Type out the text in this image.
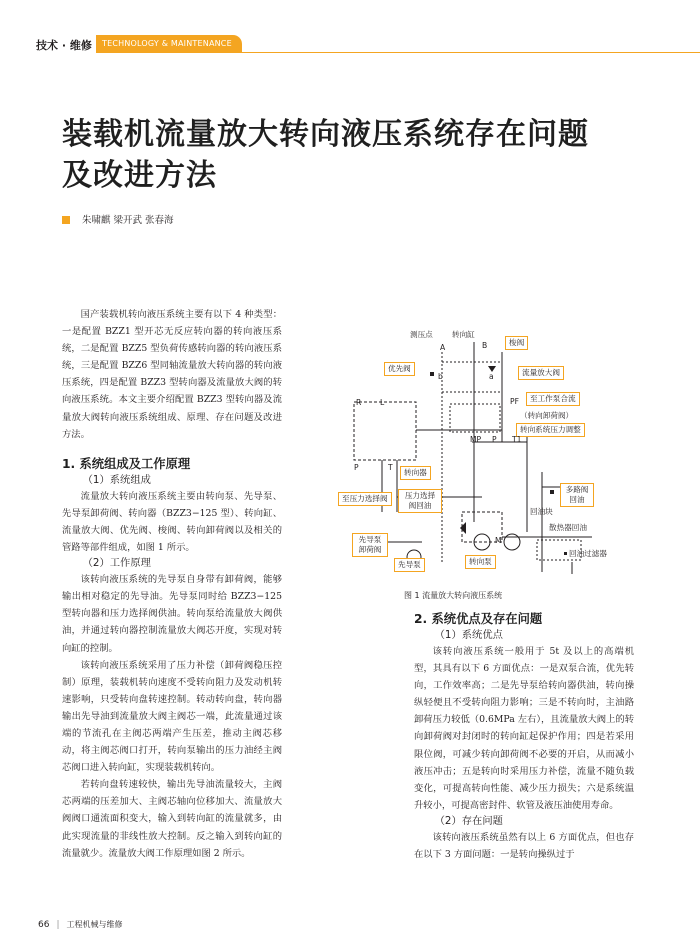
技术 · 维修 TECHNOLOGY & MAINTENANCE
装载机流量放大转向液压系统存在问题
及改进方法
朱啸麒 梁开武 张春海

国产装载机转向液压系统主要有以下 4 种类型：一是配置 BZZ1 型开芯无反应转向器的转向液压系统，二是配置 BZZ5 型负荷传感转向器的转向液压系统，三是配置 BZZ6 型同轴流量放大转向器的转向液压系统，四是配置 BZZ3 型转向器及流量放大阀的转向液压系统。本文主要介绍配置 BZZ3 型转向器及流量放大阀转向液压系统组成、原理、存在问题及改进方法。

1. 系统组成及工作原理
（1）系统组成

流量放大转向液压系统主要由转向泵、先导泵、先导泵卸荷阀、转向器（BZZ3−125 型）、转向缸、流量放大阀、优先阀、梭阀、转向卸荷阀以及相关的管路等部件组成，如图 1 所示。

（2）工作原理

该转向液压系统的先导泵自身带有卸荷阀，能够输出相对稳定的先导油。先导泵同时给 BZZ3−125 型转向器和压力选择阀供油。转向泵给流量放大阀供油，并通过转向器控制流量放大阀芯开度，实现对转向缸的控制。

该转向液压系统采用了压力补偿（卸荷阀稳压控制）原理，装载机转向速度不受转向阻力及发动机转速影响，只受转向盘转速控制。转动转向盘，转向器输出先导油到流量放大阀主阀芯一端，此流量通过该端的节流孔在主阀芯两端产生压差，推动主阀芯移动，将主阀芯阀口打开，转向泵输出的压力油经主阀芯阀口进入转向缸，实现装载机转向。

若转向盘转速较快，输出先导油流量较大，主阀芯两端的压差加大、主阀芯轴向位移加大、流量放大阀阀口通流面积变大，输入到转向缸的流量就多，由此实现流量的非线性放大控制。反之输入到转向缸的流量就少。流量放大阀工作原理如图 2 所示。

测压点	转向缸
A	B	梭阀
优先阀
b	a	流量放大阀
PF	至工作泵合流
（转向卸荷阀）
转向系统压力调整
R L
MP P T1
P	T
转向器
至压力选择阀	压力选择阀回油
多路阀回油
回油块
散热器回油
先导泵卸荷阀
M
回油过滤器
先导泵	转向泵
图 1 流量放大转向液压系统
2. 系统优点及存在问题
（1）系统优点

该转向液压系统一般用于 5t 及以上的高端机型，其具有以下 6 方面优点：一是双泵合流，优先转向，工作效率高；二是先导泵给转向器供油，转向操纵轻便且不受转向阻力影响；三是不转向时，主油路卸荷压力较低（0.6MPa 左右），且流量放大阀上的转向卸荷阀对封闭时的转向缸起保护作用；四是若采用限位阀，可减少转向卸荷阀不必要的开启，从而减小液压冲击；五是转向时采用压力补偿，流量不随负载变化，可提高转向性能、减少压力损失；六是系统温升较小，可提高密封件、软管及液压油使用寿命。

（2）存在问题

该转向液压系统虽然有以上 6 方面优点，但也存在以下 3 方面问题：一是转向操纵过于

66 | 工程机械与维修
